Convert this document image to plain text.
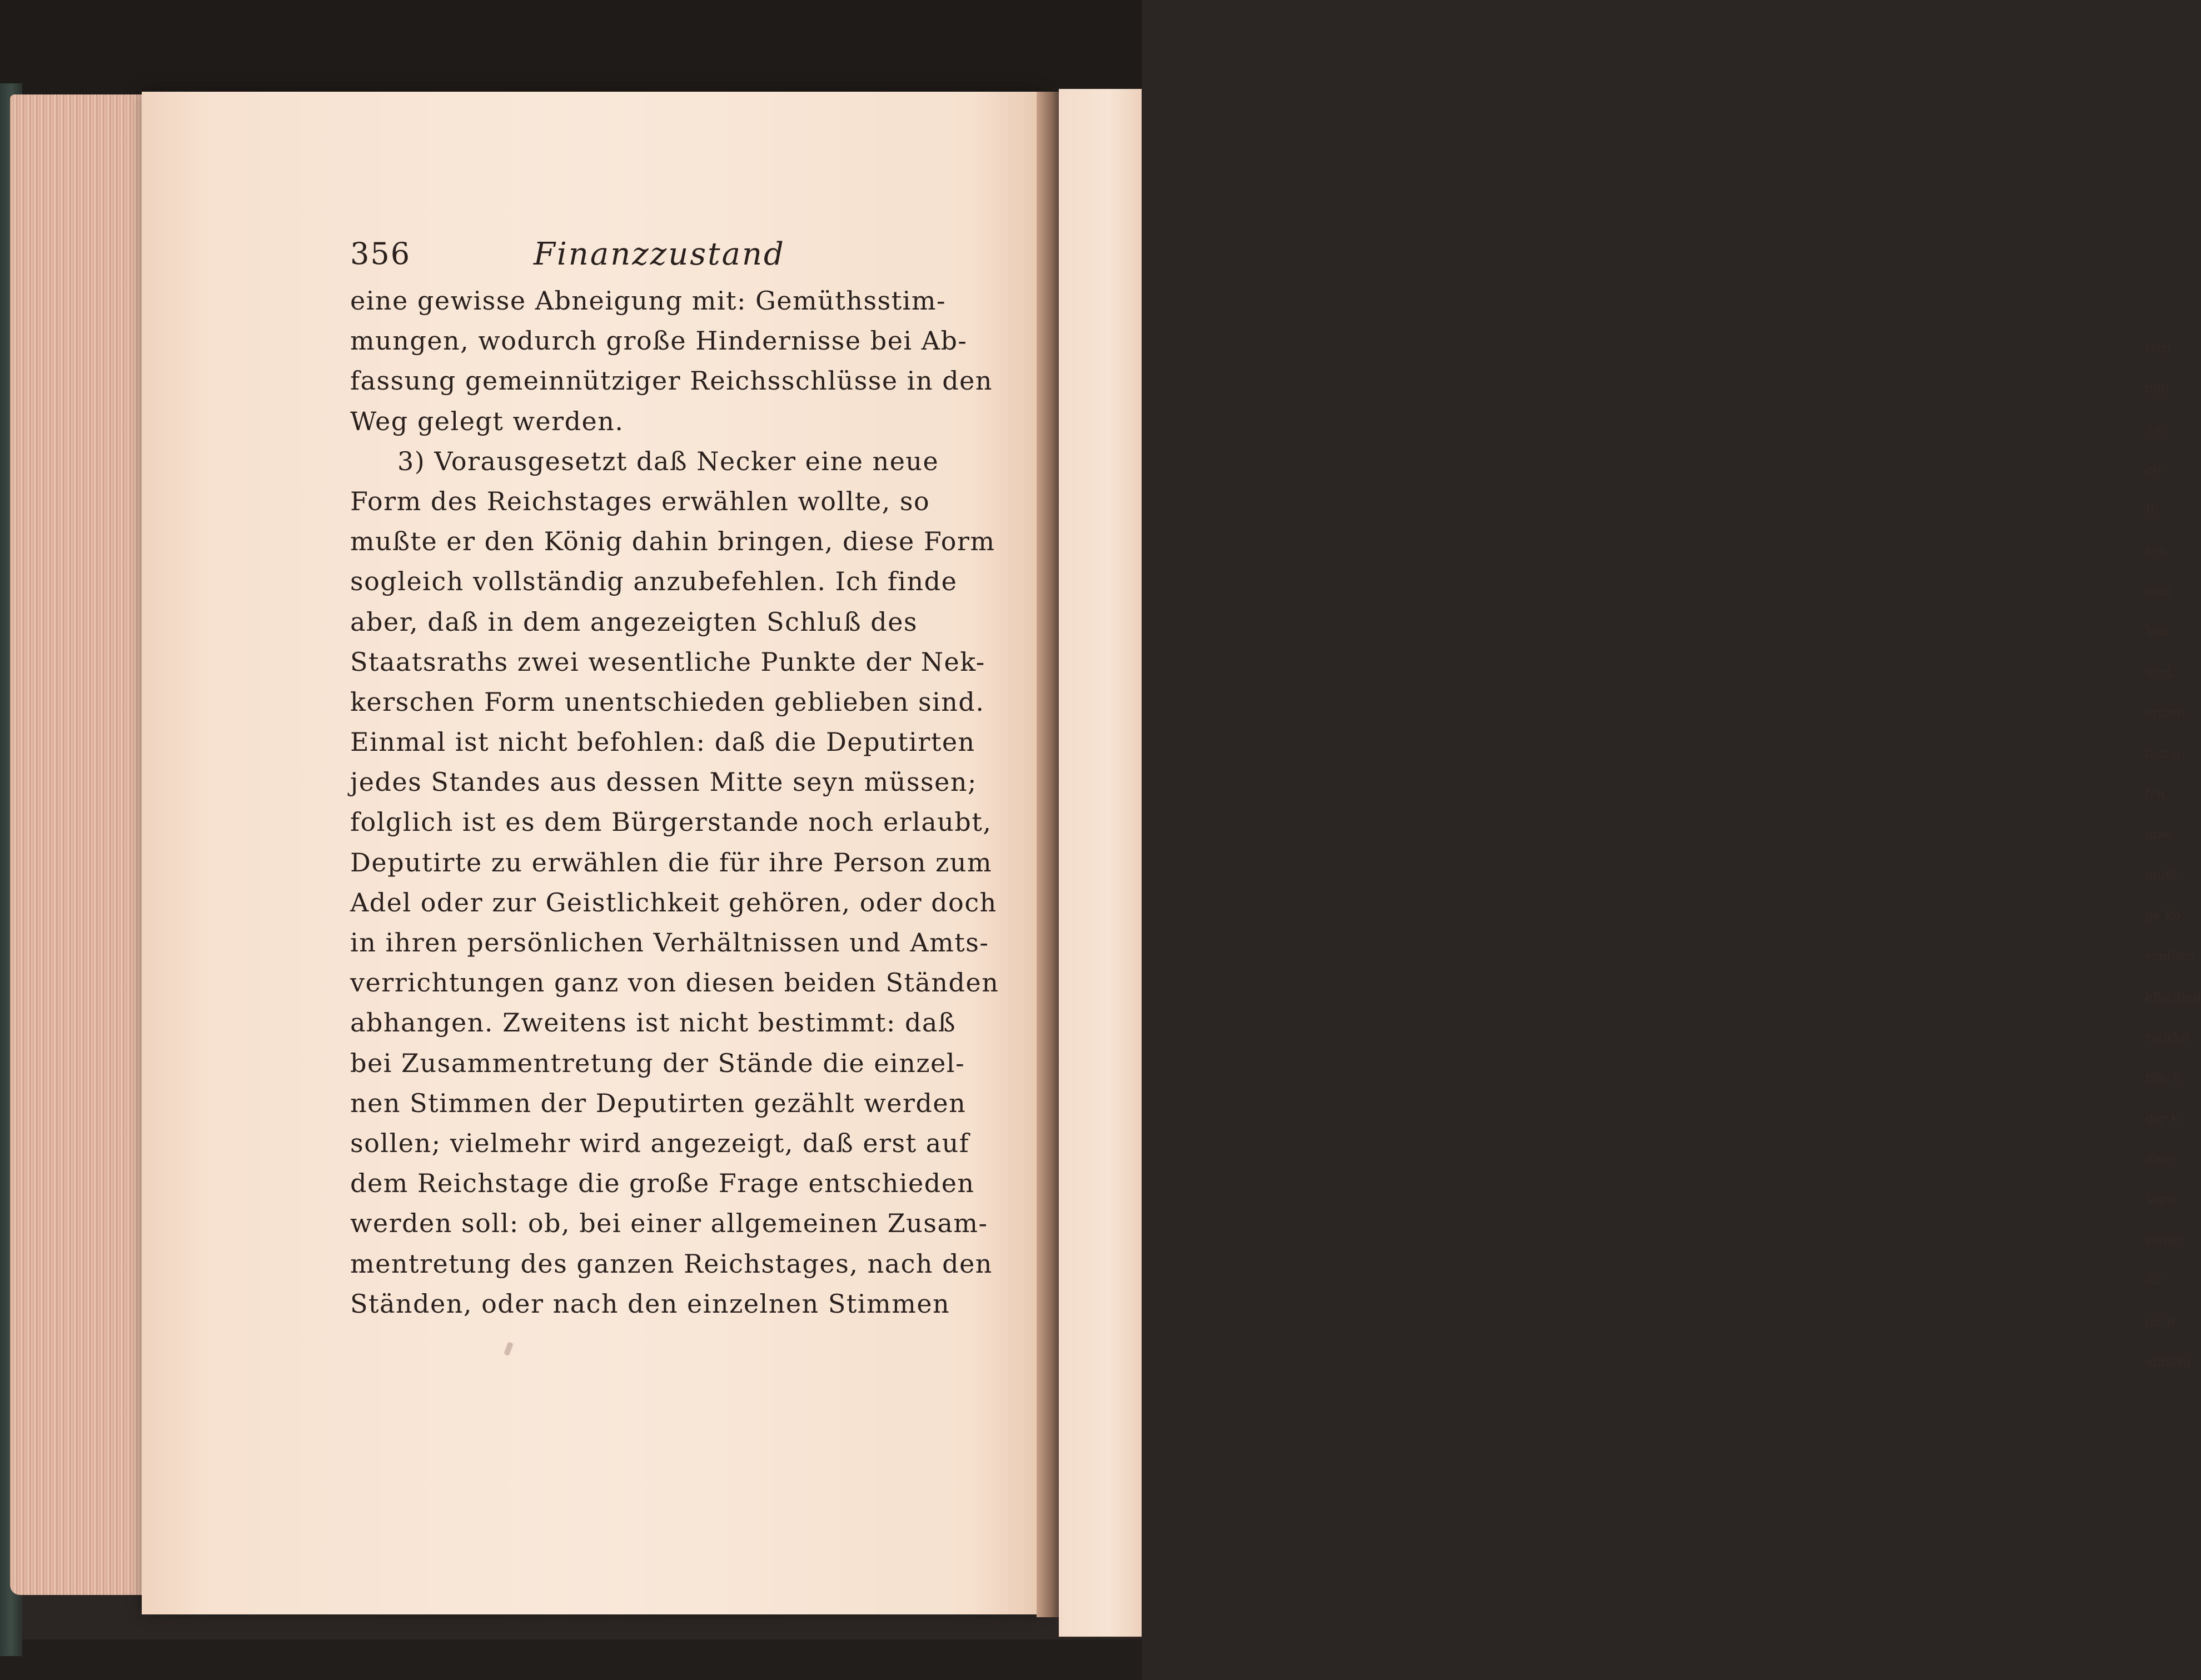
(viri
nun
nac
ein
Bi
sen
stan
ben
sind;
ersten
ben n
Ich
man
muth
ge Ko
sentlich
allerding
welche
ten, e
der K
einer
Verw
seiner
für
bis d
entschi
356	Finanzzustand
eine gewisse Abneigung mit: Gemüthsstim-
mungen, wodurch große Hindernisse bei Ab-
fassung gemeinnütziger Reichsschlüsse in den
Weg gelegt werden.
3) Vorausgesetzt daß Necker eine neue
Form des Reichstages erwählen wollte, so
mußte er den König dahin bringen, diese Form
sogleich vollständig anzubefehlen. Ich finde
aber, daß in dem angezeigten Schluß des
Staatsraths zwei wesentliche Punkte der Nek-
kerschen Form unentschieden geblieben sind.
Einmal ist nicht befohlen: daß die Deputirten
jedes Standes aus dessen Mitte seyn müssen;
folglich ist es dem Bürgerstande noch erlaubt,
Deputirte zu erwählen die für ihre Person zum
Adel oder zur Geistlichkeit gehören, oder doch
in ihren persönlichen Verhältnissen und Amts-
verrichtungen ganz von diesen beiden Ständen
abhangen. Zweitens ist nicht bestimmt: daß
bei Zusammentretung der Stände die einzel-
nen Stimmen der Deputirten gezählt werden
sollen; vielmehr wird angezeigt, daß erst auf
dem Reichstage die große Frage entschieden
werden soll: ob, bei einer allgemeinen Zusam-
mentretung des ganzen Reichstages, nach den
Ständen, oder nach den einzelnen Stimmen
